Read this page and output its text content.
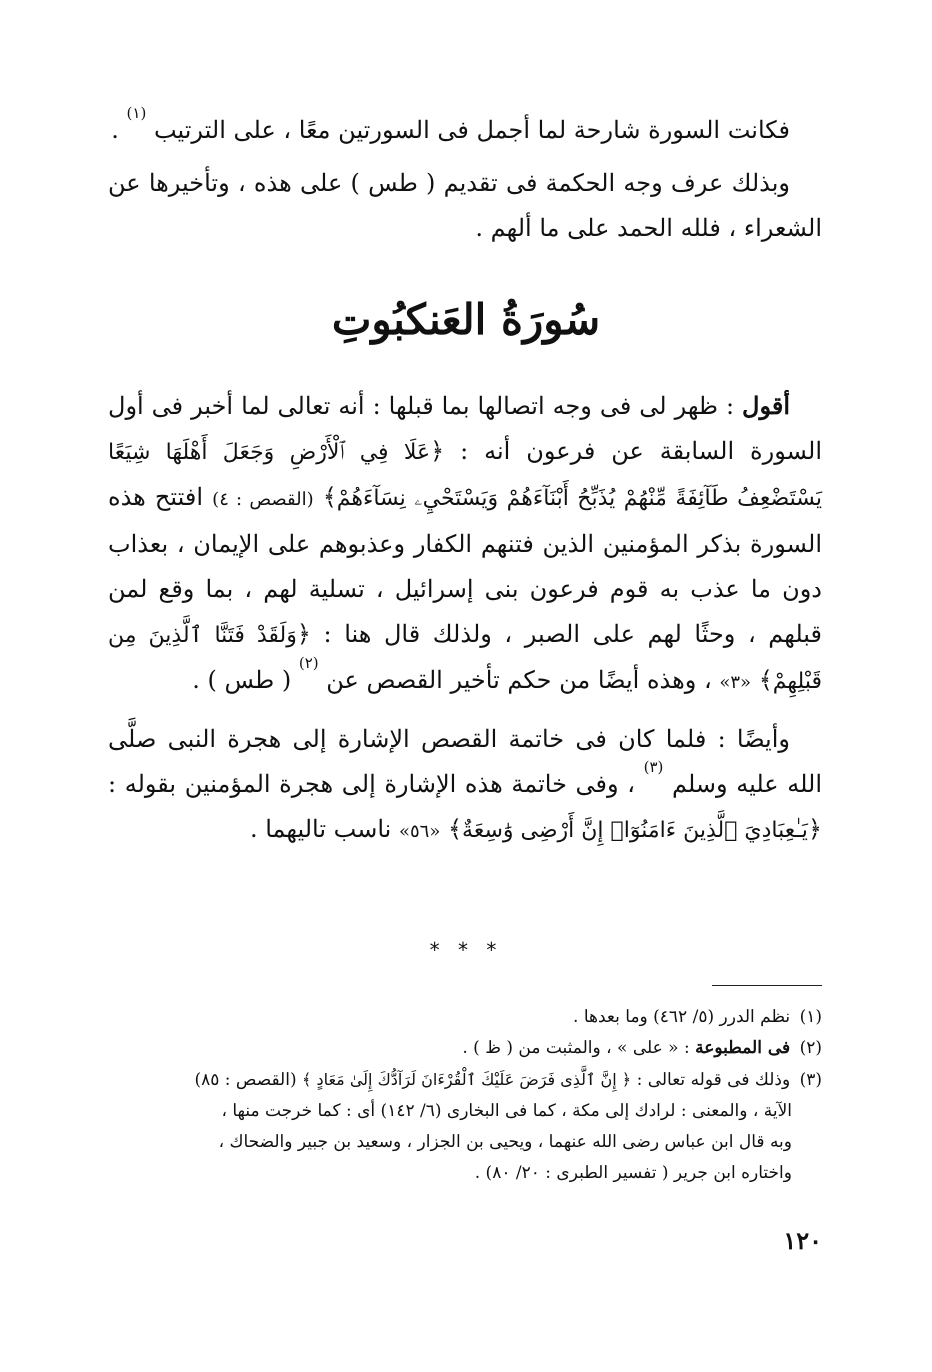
فكانت السورة شارحة لما أجمل فى السورتين معًا ، على الترتيب $^{(١)}$ .

وبذلك عرف وجه الحكمة فى تقديم ( طس ) على هذه ، وتأخيرها عن الشعراء ، فلله الحمد على ما ألهم .

سُورَةُ العَنكبُوتِ

أقول : ظهر لى فى وجه اتصالها بما قبلها : أنه تعالى لما أخبر فى أول السورة السابقة عن فرعون أنه : ﴿عَلَا فِي ٱلْأَرْضِ وَجَعَلَ أَهْلَهَا شِيَعًا يَسْتَضْعِفُ طَآئِفَةً مِّنْهُمْ يُذَبِّحُ أَبْنَآءَهُمْ وَيَسْتَحْيِۦ نِسَآءَهُمْ﴾ (القصص : ٤) افتتح هذه السورة بذكر المؤمنين الذين فتنهم الكفار وعذبوهم على الإيمان ، بعذاب دون ما عذب به قوم فرعون بنى إسرائيل ، تسلية لهم ، بما وقع لمن قبلهم ، وحثًا لهم على الصبر ، ولذلك قال هنا : ﴿وَلَقَدْ فَتَنَّا ٱلَّذِينَ مِن قَبْلِهِمْ﴾ «٣» ، وهذه أيضًا من حكم تأخير القصص عن $^{(٢)}$ ( طس ) .

وأيضًا : فلما كان فى خاتمة القصص الإشارة إلى هجرة النبى صلَّى الله عليه وسلم $^{(٣)}$ ، وفى خاتمة هذه الإشارة إلى هجرة المؤمنين بقوله : ﴿يَـٰعِبَادِيَ ٱلَّذِينَ ءَامَنُوٓا۟ إِنَّ أَرْضِى وَٰسِعَةٌ﴾ «٥٦» ناسب تاليهما .

* * *

(١) نظم الدرر (٥/ ٤٦٢) وما بعدها .

(٢) فى المطبوعة : « على » ، والمثبت من ( ظ ) .

(٣) وذلك فى قوله تعالى : ﴿ إِنَّ ٱلَّذِى فَرَضَ عَلَيْكَ ٱلْقُرْءَانَ لَرَآدُّكَ إِلَىٰ مَعَادٍ ﴾ (القصص : ٨٥)

الآية ، والمعنى : لرادك إلى مكة ، كما فى البخارى (٦/ ١٤٢) أى : كما خرجت منها ،

وبه قال ابن عباس رضى الله عنهما ، ويحيى بن الجزار ، وسعيد بن جبير والضحاك ،

واختاره ابن جرير ( تفسير الطبرى : ٢٠/ ٨٠) .

١٢٠
